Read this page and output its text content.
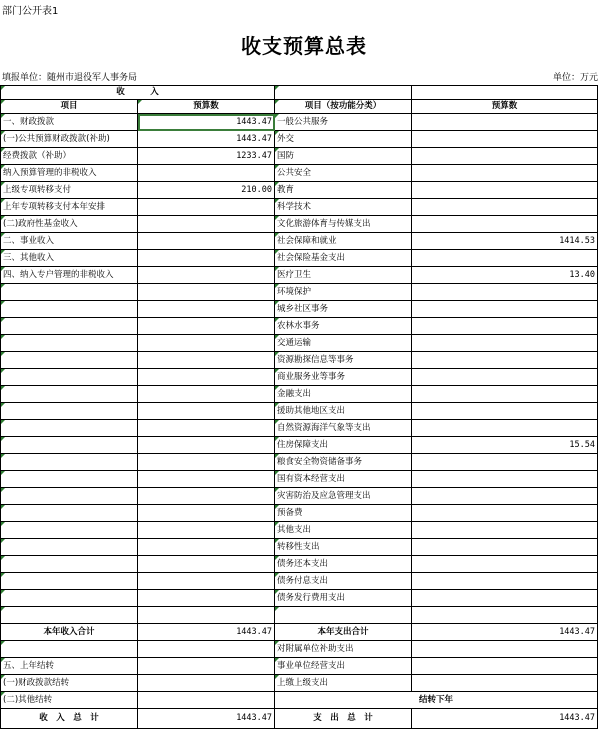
部门公开表1
收支预算总表
填报单位：随州市退役军人事务局	单位：万元
收　　　入			
项目	预算数	项目（按功能分类）	预算数
一、财政拨款	1443.47	一般公共服务	
(一)公共预算财政拨款(补助)	1443.47	外交	
经费拨款（补助）	1233.47	国防	
纳入预算管理的非税收入		公共安全	
上级专项转移支付	210.00	教育	
上年专项转移支付本年安排		科学技术	
(二)政府性基金收入		文化旅游体育与传媒支出	
二、事业收入		社会保障和就业	1414.53
三、其他收入		社会保险基金支出	
四、纳入专户管理的非税收入		医疗卫生	13.40
		环境保护	
		城乡社区事务	
		农林水事务	
		交通运输	
		资源勘探信息等事务	
		商业服务业等事务	
		金融支出	
		援助其他地区支出	
		自然资源海洋气象等支出	
		住房保障支出	15.54
		粮食安全物资储备事务	
		国有资本经营支出	
		灾害防治及应急管理支出	
		预备费	
		其他支出	
		转移性支出	
		债务还本支出	
		债务付息支出	
		债务发行费用支出	

本年收入合计	1443.47	本年支出合计	1443.47
		对附属单位补助支出	
五、上年结转		事业单位经营支出	
(一)财政拨款结转		上缴上级支出	
(二)其他结转		结转下年	
收　入　总　计	1443.47	支　出　总　计	1443.47
